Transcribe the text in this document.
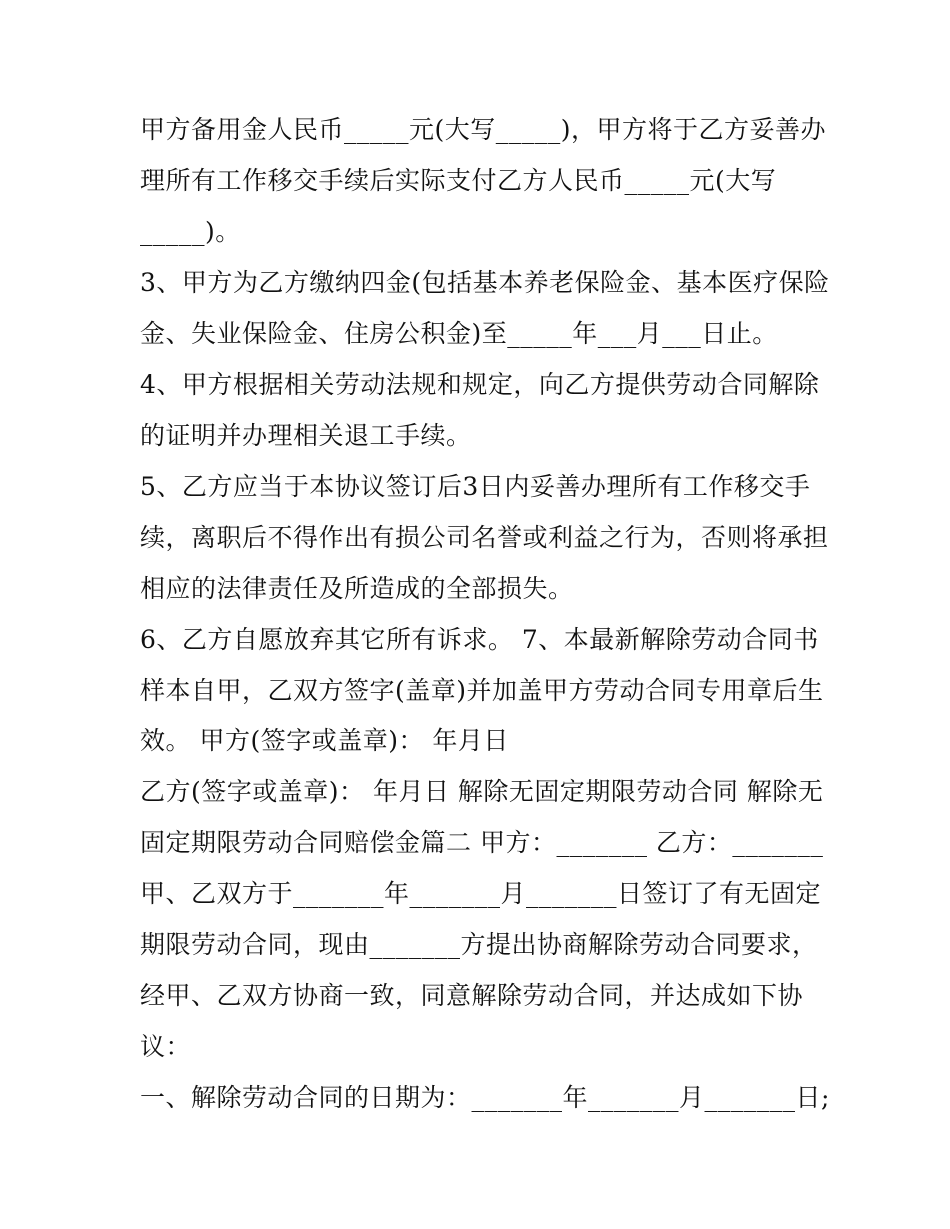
甲方备用金人民币_____元(大写_____)，甲方将于乙方妥善办
理所有工作移交手续后实际支付乙方人民币_____元(大写
_____)。
3、甲方为乙方缴纳四金(包括基本养老保险金、基本医疗保险
金、失业保险金、住房公积金)至_____年___月___日止。
4、甲方根据相关劳动法规和规定，向乙方提供劳动合同解除
的证明并办理相关退工手续。
5、乙方应当于本协议签订后3日内妥善办理所有工作移交手
续，离职后不得作出有损公司名誉或利益之行为，否则将承担
相应的法律责任及所造成的全部损失。
6、乙方自愿放弃其它所有诉求。 7、本最新解除劳动合同书
样本自甲，乙双方签字(盖章)并加盖甲方劳动合同专用章后生
效。 甲方(签字或盖章)： 年月日
乙方(签字或盖章)： 年月日 解除无固定期限劳动合同 解除无
固定期限劳动合同赔偿金篇二 甲方：_______ 乙方：_______
甲、乙双方于_______年_______月_______日签订了有无固定
期限劳动合同，现由_______方提出协商解除劳动合同要求，
经甲、乙双方协商一致，同意解除劳动合同，并达成如下协
议：
一、解除劳动合同的日期为：_______年_______月_______日;
